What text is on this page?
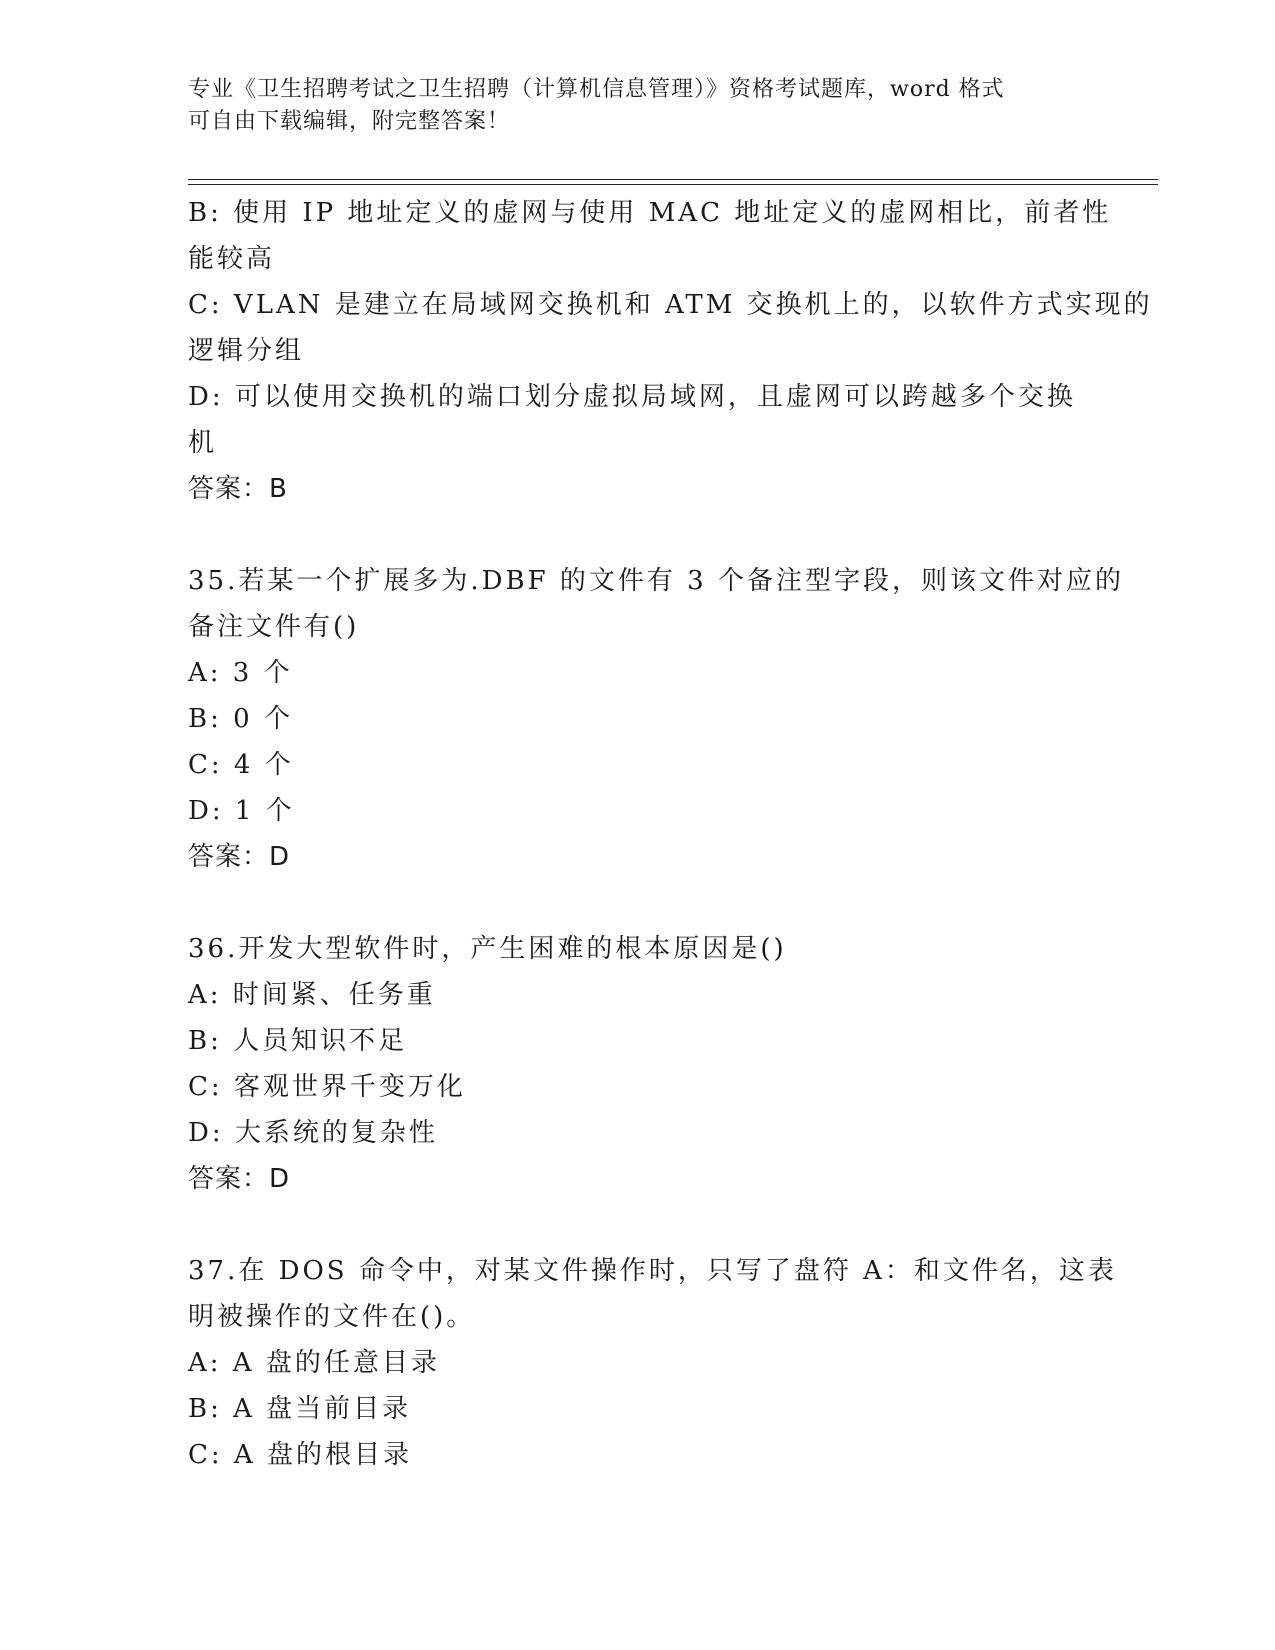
专业《卫生招聘考试之卫生招聘（计算机信息管理）》资格考试题库，word 格式
可自由下载编辑，附完整答案！
B: 使用 IP 地址定义的虚网与使用 MAC 地址定义的虚网相比，前者性
能较高
C: VLAN 是建立在局域网交换机和 ATM 交换机上的，以软件方式实现的
逻辑分组
D: 可以使用交换机的端口划分虚拟局域网，且虚网可以跨越多个交换
机
答案：B
35.若某一个扩展多为.DBF 的文件有 3 个备注型字段，则该文件对应的
备注文件有()
A: 3 个
B: 0 个
C: 4 个
D: 1 个
答案：D
36.开发大型软件时，产生困难的根本原因是()
A: 时间紧、任务重
B: 人员知识不足
C: 客观世界千变万化
D: 大系统的复杂性
答案：D
37.在 DOS 命令中，对某文件操作时，只写了盘符 A：和文件名，这表
明被操作的文件在()。
A: A 盘的任意目录
B: A 盘当前目录
C: A 盘的根目录
